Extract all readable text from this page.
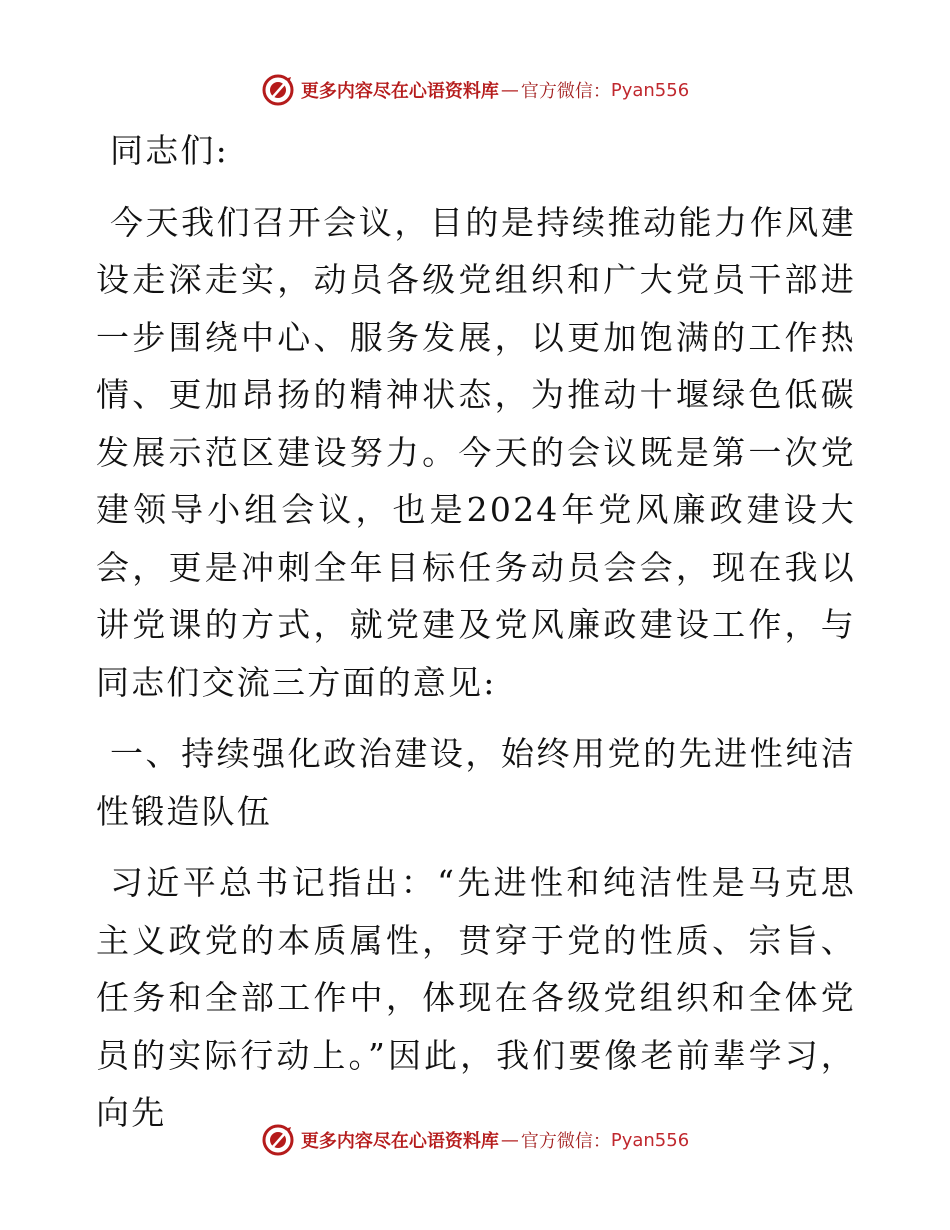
更多内容尽在心语资料库 — 官方微信： Pyan556

同志们:

今天我们召开会议，目的是持续推动能力作风建设走深走实，动员各级党组织和广大党员干部进一步围绕中心、服务发展，以更加饱满的工作热情、更加昂扬的精神状态，为推动十堰绿色低碳发展示范区建设努力。今天的会议既是第一次党建领导小组会议，也是2024年党风廉政建设大会，更是冲刺全年目标任务动员会会，现在我以讲党课的方式，就党建及党风廉政建设工作，与同志们交流三方面的意见:

一、持续强化政治建设，始终用党的先进性纯洁性锻造队伍

习近平总书记指出：“先进性和纯洁性是马克思主义政党的本质属性，贯穿于党的性质、宗旨、任务和全部工作中，体现在各级党组织和全体党员的实际行动上。”因此，我们要像老前辈学习，向先

更多内容尽在心语资料库 — 官方微信： Pyan556
